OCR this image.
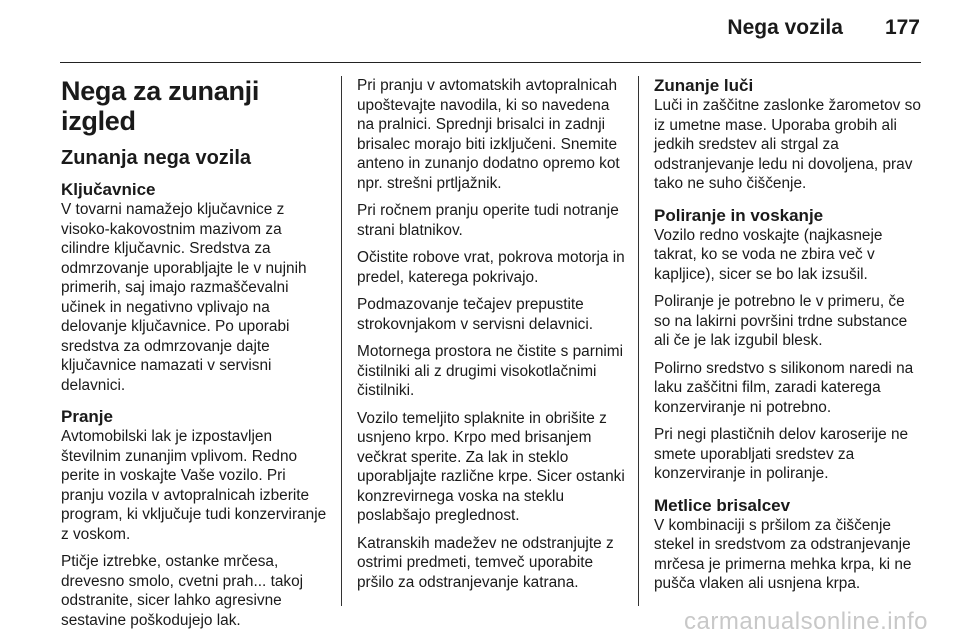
Nega vozila 177
Nega za zunanji izgled
Zunanja nega vozila
Ključavnice

V tovarni namažejo ključavnice z visoko-kakovostnim mazivom za cilindre ključavnic. Sredstva za odmrzovanje uporabljajte le v nujnih primerih, saj imajo razmaščevalni učinek in negativno vplivajo na delovanje ključavnice. Po uporabi sredstva za odmrzovanje dajte ključavnice namazati v servisni delavnici.

Pranje

Avtomobilski lak je izpostavljen številnim zunanjim vplivom. Redno perite in voskajte Vaše vozilo. Pri pranju vozila v avtopralnicah izberite program, ki vključuje tudi konzerviranje z voskom.

Ptičje iztrebke, ostanke mrčesa, drevesno smolo, cvetni prah... takoj odstranite, sicer lahko agresivne sestavine poškodujejo lak.

Pri pranju v avtomatskih avtopralnicah upoštevajte navodila, ki so navedena na pralnici. Sprednji brisalci in zadnji brisalec morajo biti izključeni. Snemite anteno in zunanjo dodatno opremo kot npr. strešni prtljažnik.

Pri ročnem pranju operite tudi notranje strani blatnikov.

Očistite robove vrat, pokrova motorja in predel, katerega pokrivajo.

Podmazovanje tečajev prepustite strokovnjakom v servisni delavnici.

Motornega prostora ne čistite s parnimi čistilniki ali z drugimi visokotlačnimi čistilniki.

Vozilo temeljito splaknite in obrišite z usnjeno krpo. Krpo med brisanjem večkrat sperite. Za lak in steklo uporabljajte različne krpe. Sicer ostanki konzrevirnega voska na steklu poslabšajo preglednost.

Katranskih madežev ne odstranjujte z ostrimi predmeti, temveč uporabite pršilo za odstranjevanje katrana.

Zunanje luči

Luči in zaščitne zaslonke žarometov so iz umetne mase. Uporaba grobih ali jedkih sredstev ali strgal za odstranjevanje ledu ni dovoljena, prav tako ne suho čiščenje.

Poliranje in voskanje

Vozilo redno voskajte (najkasneje takrat, ko se voda ne zbira več v kapljice), sicer se bo lak izsušil.

Poliranje je potrebno le v primeru, če so na lakirni površini trdne substance ali če je lak izgubil blesk.

Polirno sredstvo s silikonom naredi na laku zaščitni film, zaradi katerega konzerviranje ni potrebno.

Pri negi plastičnih delov karoserije ne smete uporabljati sredstev za konzerviranje in poliranje.

Metlice brisalcev

V kombinaciji s pršilom za čiščenje stekel in sredstvom za odstranjevanje mrčesa je primerna mehka krpa, ki ne pušča vlaken ali usnjena krpa.

carmanualsonline.info
